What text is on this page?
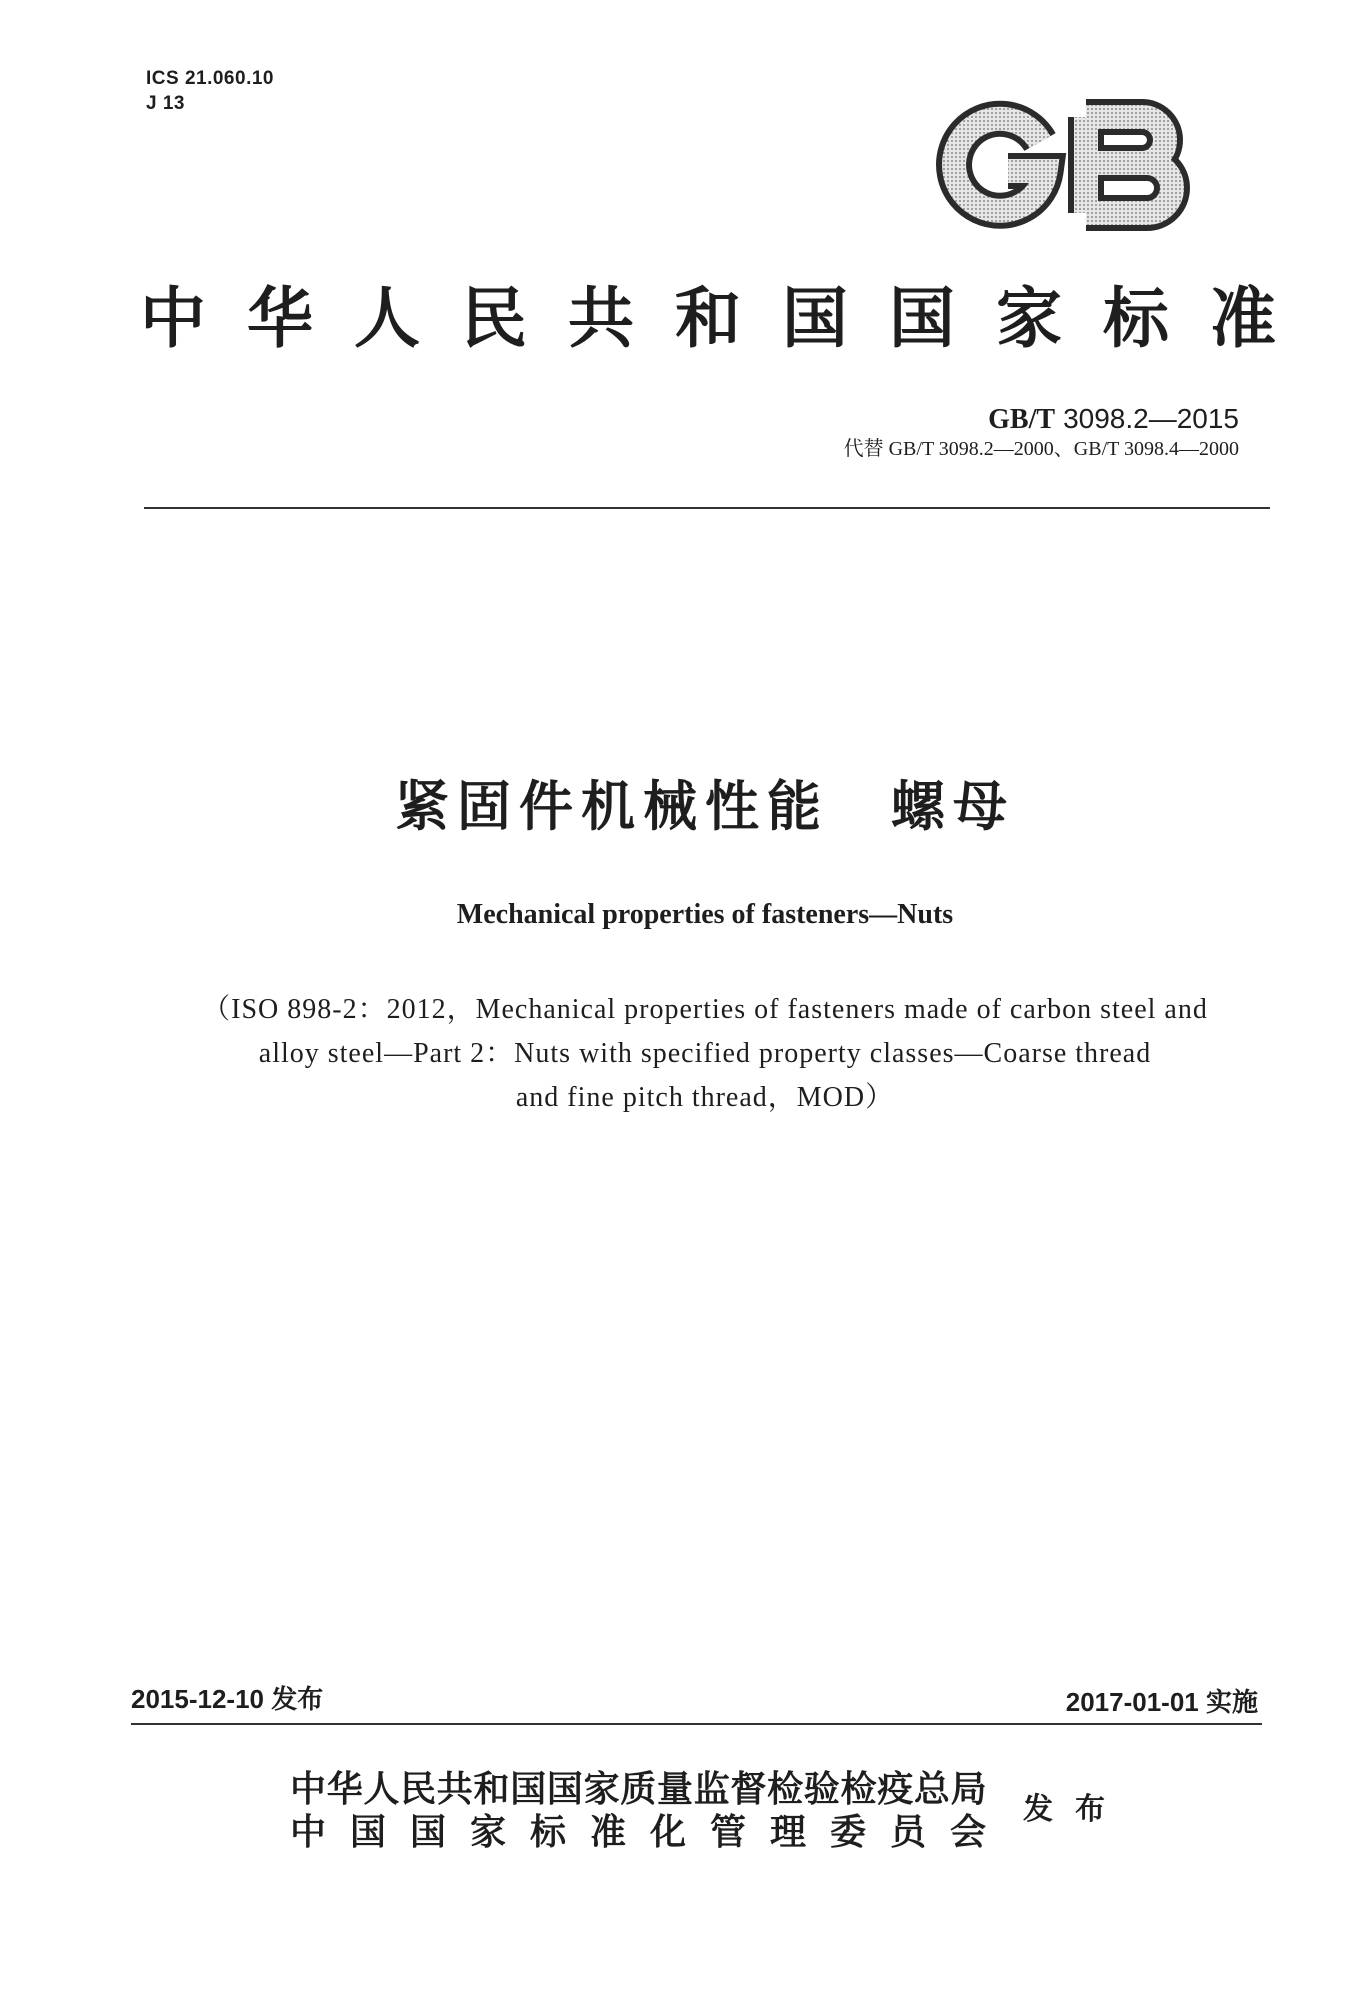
ICS 21.060.10
J 13
中华人民共和国国家标准
GB/T 3098.2—2015
代替 GB/T 3098.2—2000、GB/T 3098.4—2000
紧固件机械性能　螺母
Mechanical properties of fasteners—Nuts
（ISO 898-2：2012，Mechanical properties of fasteners made of carbon steel and
alloy steel—Part 2：Nuts with specified property classes—Coarse thread
and fine pitch thread，MOD）
2015-12-10 发布	2017-01-01 实施
中华人民共和国国家质量监督检验检疫总局
中国国家标准化管理委员会
发布
